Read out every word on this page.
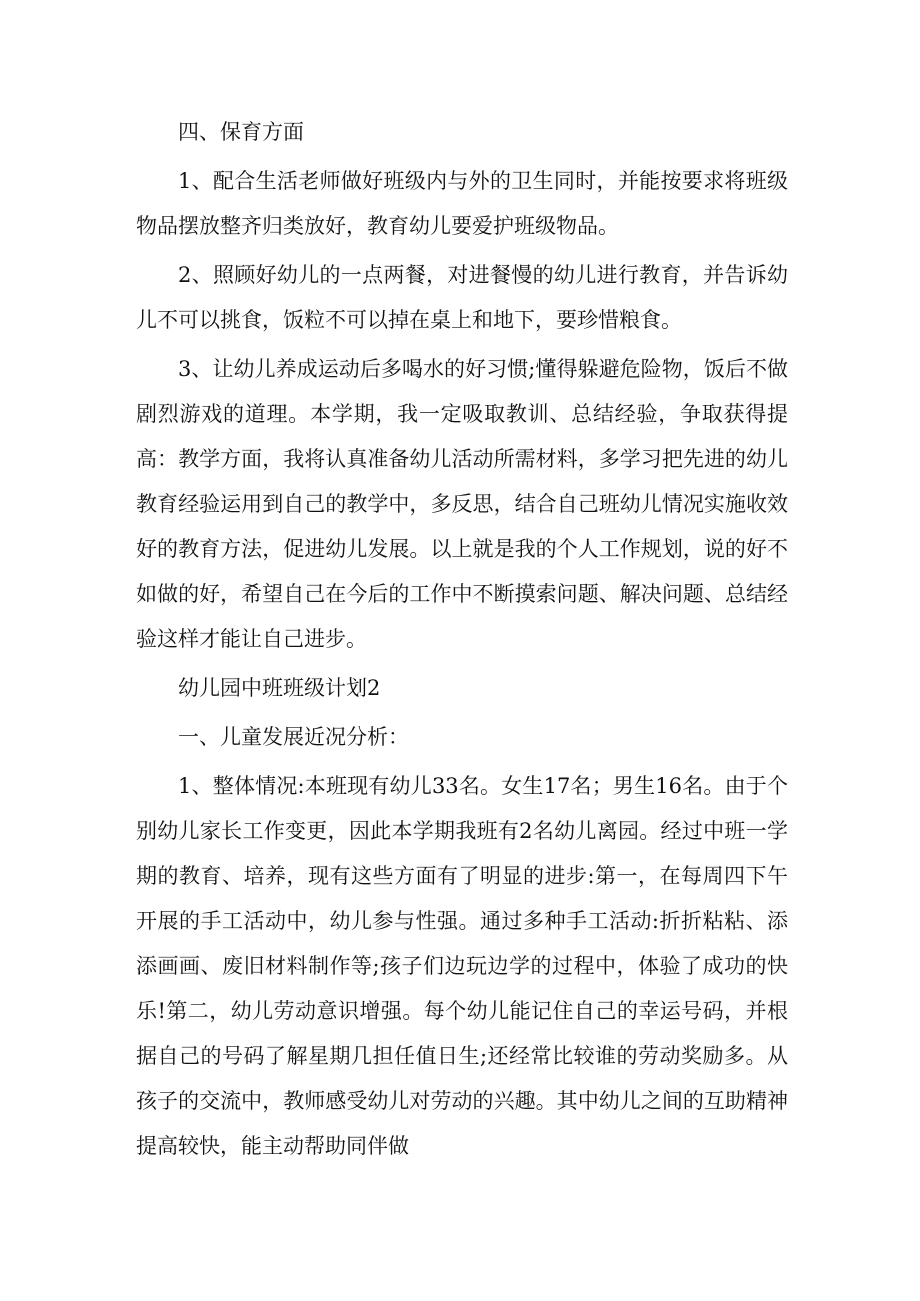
四、保育方面

1、配合生活老师做好班级内与外的卫生同时，并能按要求将班级物品摆放整齐归类放好，教育幼儿要爱护班级物品。

2、照顾好幼儿的一点两餐，对进餐慢的幼儿进行教育，并告诉幼儿不可以挑食，饭粒不可以掉在桌上和地下，要珍惜粮食。

3、让幼儿养成运动后多喝水的好习惯;懂得躲避危险物，饭后不做剧烈游戏的道理。本学期，我一定吸取教训、总结经验，争取获得提高：教学方面，我将认真准备幼儿活动所需材料，多学习把先进的幼儿教育经验运用到自己的教学中，多反思，结合自己班幼儿情况实施收效好的教育方法，促进幼儿发展。以上就是我的个人工作规划，说的好不如做的好，希望自己在今后的工作中不断摸索问题、解决问题、总结经验这样才能让自己进步。

幼儿园中班班级计划2

一、儿童发展近况分析：

1、整体情况:本班现有幼儿33名。女生17名；男生16名。由于个别幼儿家长工作变更，因此本学期我班有2名幼儿离园。经过中班一学期的教育、培养，现有这些方面有了明显的进步:第一，在每周四下午开展的手工活动中，幼儿参与性强。通过多种手工活动:折折粘粘、添添画画、废旧材料制作等;孩子们边玩边学的过程中，体验了成功的快乐!第二，幼儿劳动意识增强。每个幼儿能记住自己的幸运号码，并根据自己的号码了解星期几担任值日生;还经常比较谁的劳动奖励多。从孩子的交流中，教师感受幼儿对劳动的兴趣。其中幼儿之间的互助精神提高较快，能主动帮助同伴做
